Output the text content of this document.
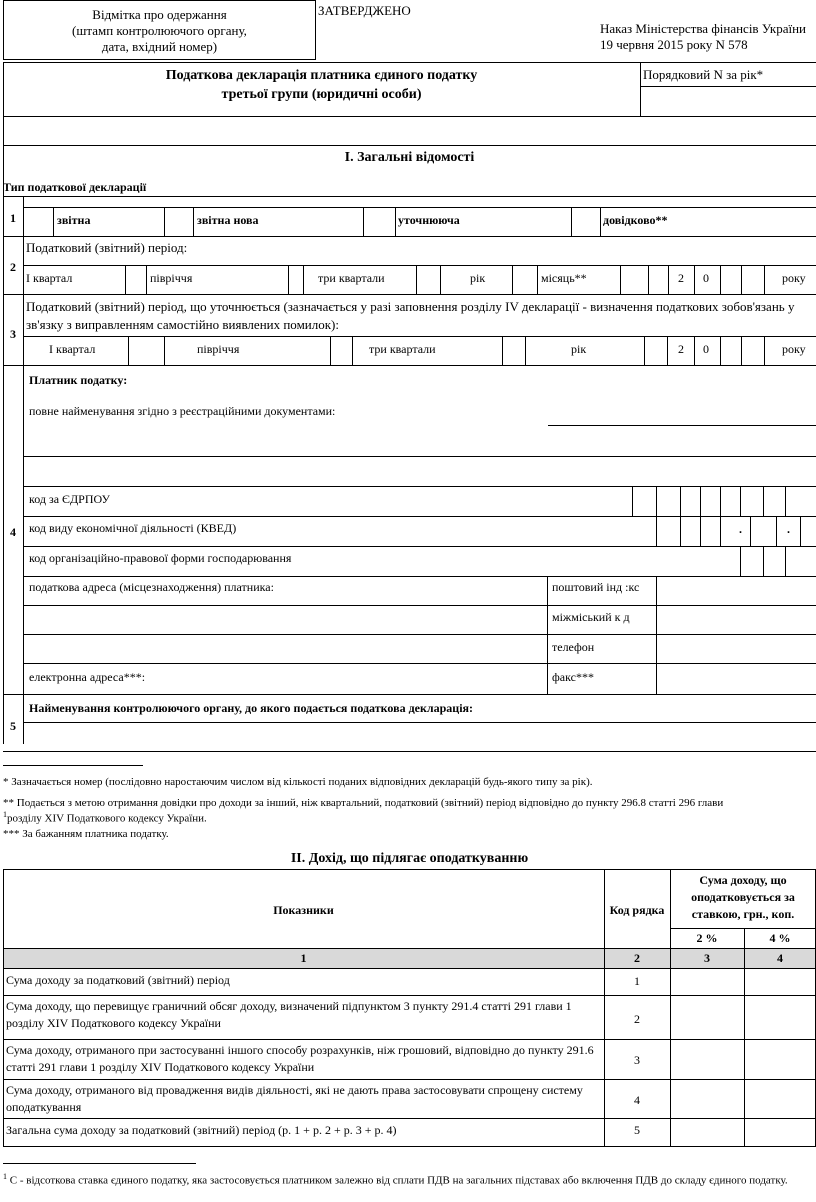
Відмітка про одержання
(штамп контролюючого органу,
дата, вхідний номер)
ЗАТВЕРДЖЕНО
Наказ Міністерства фінансів України
19 червня 2015 року N 578
Податкова декларація платника єдиного податку
третьої групи (юридичні особи)
Порядковий N за рік*
I. Загальні відомості
Тип податкової декларації
1	звітна	звітна нова	уточнююча	довідково**
2
Податковий (звітний) період:
I квартал	півріччя	три квартали	рік	місяць**	2	0	року
3
Податковий (звітний) період, що уточнюється (зазначається у разі заповнення розділу IV декларації - визначення податкових зобов'язань у зв'язку з виправленням самостійно виявлених помилок):
I квартал	півріччя	три квартали	рік	2	0	року
4
Платник податку:
повне найменування згідно з реєстраційними документами:
код за ЄДРПОУ
код виду економічної діяльності (КВЕД)	.	.
код організаційно-правової форми господарювання
податкова адреса (місцезнаходження) платника:	поштовий інд :кс
міжміський к д
телефон
електронна адреса***:	факс***
5
Найменування контролюючого органу, до якого подається податкова декларація:
* Зазначається номер (послідовно наростаючим числом від кількості поданих відповідних декларацій будь-якого типу за рік).
** Подається з метою отримання довідки про доходи за інший, ніж квартальний, податковий (звітний) період відповідно до пункту 296.8 статті 296 глави
$^1$розділу XIV Податкового кодексу України.
*** За бажанням платника податку.
II. Дохід, що підлягає оподаткуванню
Показники	Код рядка
Сума доходу, що
оподатковується за
ставкою, грн., коп.
2 %	4 %
1	2	3	4
Сума доходу за податковий (звітний) період	1
Сума доходу, що перевищує граничний обсяг доходу, визначений підпунктом 3 пункту 291.4 статті 291 глави 1 розділу XIV Податкового кодексу України	2
Сума доходу, отриманого при застосуванні іншого способу розрахунків, ніж грошовий, відповідно до пункту 291.6 статті 291 глави 1 розділу XIV Податкового кодексу України	3
Сума доходу, отриманого від провадження видів діяльності, які не дають права застосовувати спрощену систему оподаткування	4
Загальна сума доходу за податковий (звітний) період (р. 1 + р. 2 + р. 3 + р. 4)	5
$^1$ С - відсоткова ставка єдиного податку, яка застосовується платником залежно від сплати ПДВ на загальних підставах або включення ПДВ до складу єдиного податку.
